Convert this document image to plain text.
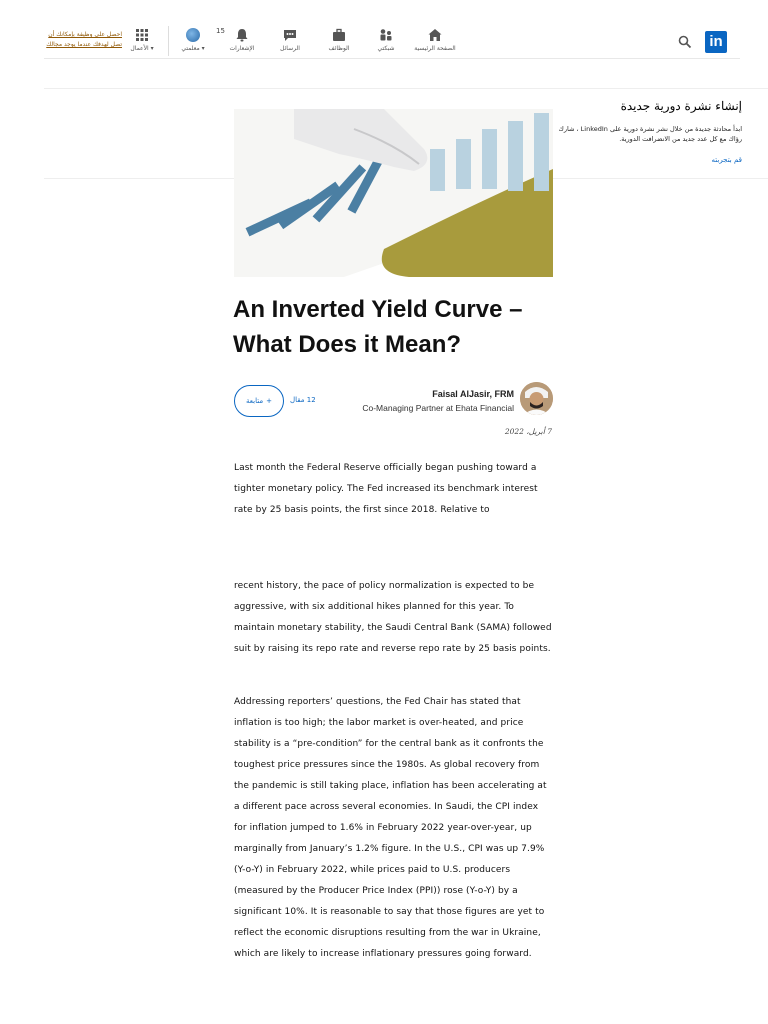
احصل على وظيفة بإمكانك أن تصل لهدفك عندما يوجد مجالك
الأعمال ▾	معلمتي ▾
15
الإشعارات	الرسائل	الوظائف	شبكتي	الصفحة الرئيسية	in
إنشاء نشرة دورية جديدة
ابدأ محادثة جديدة من خلال نشر نشرة دورية على LinkedIn ، شارك رؤاك مع كل عدد جديد من الانضرافت الدورية.
قم بتجربته
An Inverted Yield Curve – What Does it Mean?
+
متابعة	12 مقال
Faisal AlJasir, FRM
Co-Managing Partner at Ehata Financial
7 أبريل، 2022
Last month the Federal Reserve officially began pushing toward a tighter monetary policy. The Fed increased its benchmark interest rate by 25 basis points, the first since 2018. Relative to
recent history, the pace of policy normalization is expected to be aggressive, with six additional hikes planned for this year. To maintain monetary stability, the Saudi Central Bank (SAMA) followed suit by raising its repo rate and reverse repo rate by 25 basis points.
Addressing reporters’ questions, the Fed Chair has stated that inflation is too high; the labor market is over-heated, and price stability is a “pre-condition” for the central bank as it confronts the toughest price pressures since the 1980s. As global recovery from the pandemic is still taking place, inflation has been accelerating at a different pace across several economies. In Saudi, the CPI index for inflation jumped to 1.6% in February 2022 year-over-year, up marginally from January’s 1.2% figure. In the U.S., CPI was up 7.9% (Y-o-Y) in February 2022, while prices paid to U.S. producers (measured by the Producer Price Index (PPI)) rose (Y-o-Y) by a significant 10%. It is reasonable to say that those figures are yet to reflect the economic disruptions resulting from the war in Ukraine, which are likely to increase inflationary pressures going forward.
